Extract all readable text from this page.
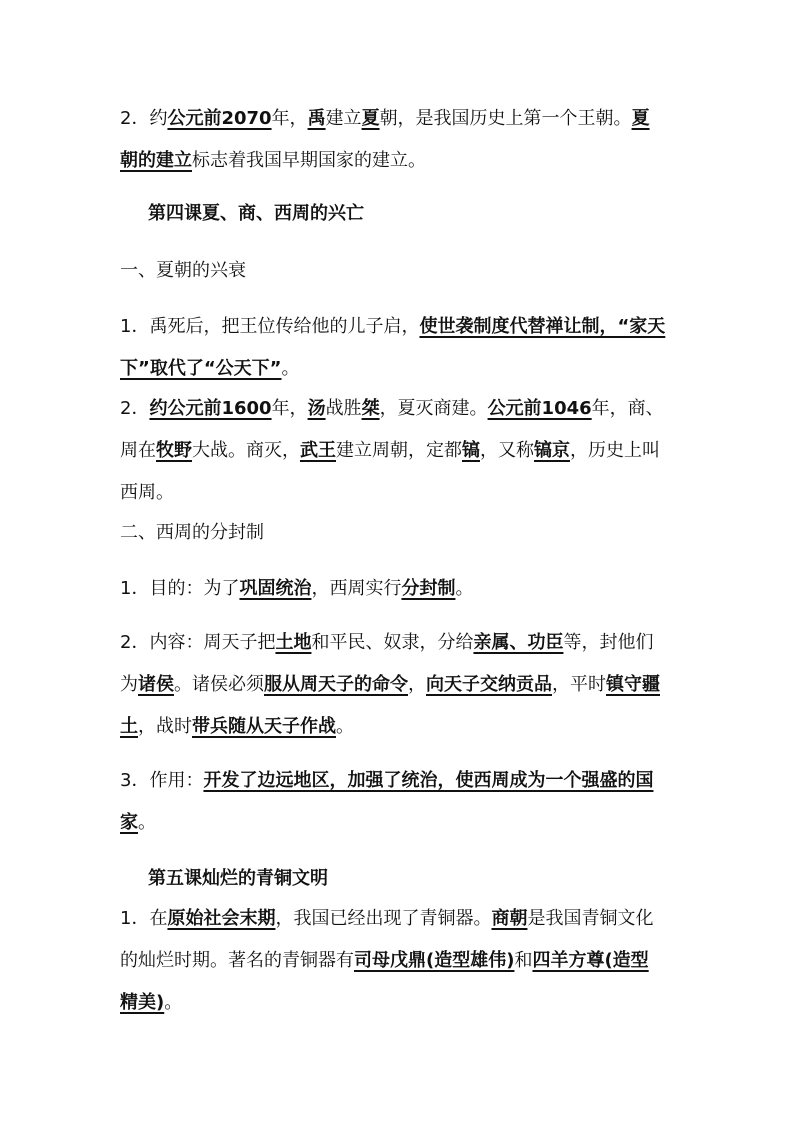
2．约公元前2070年，禹建立夏朝，是我国历史上第一个王朝。夏
朝的建立标志着我国早期国家的建立。
第四课夏、商、西周的兴亡
一、夏朝的兴衰
1．禹死后，把王位传给他的儿子启，使世袭制度代替禅让制，“家天
下”取代了“公天下”。
2．约公元前1600年，汤战胜桀，夏灭商建。公元前1046年，商、
周在牧野大战。商灭，武王建立周朝，定都镐，又称镐京，历史上叫
西周。
二、西周的分封制
1．目的：为了巩固统治，西周实行分封制。
2．内容：周天子把土地和平民、奴隶，分给亲属、功臣等，封他们
为诸侯。诸侯必须服从周天子的命令，向天子交纳贡品，平时镇守疆
土，战时带兵随从天子作战。
3．作用：开发了边远地区，加强了统治，使西周成为一个强盛的国
家。
第五课灿烂的青铜文明
1．在原始社会末期，我国已经出现了青铜器。商朝是我国青铜文化
的灿烂时期。著名的青铜器有司母戊鼎(造型雄伟)和四羊方尊(造型
精美)。
